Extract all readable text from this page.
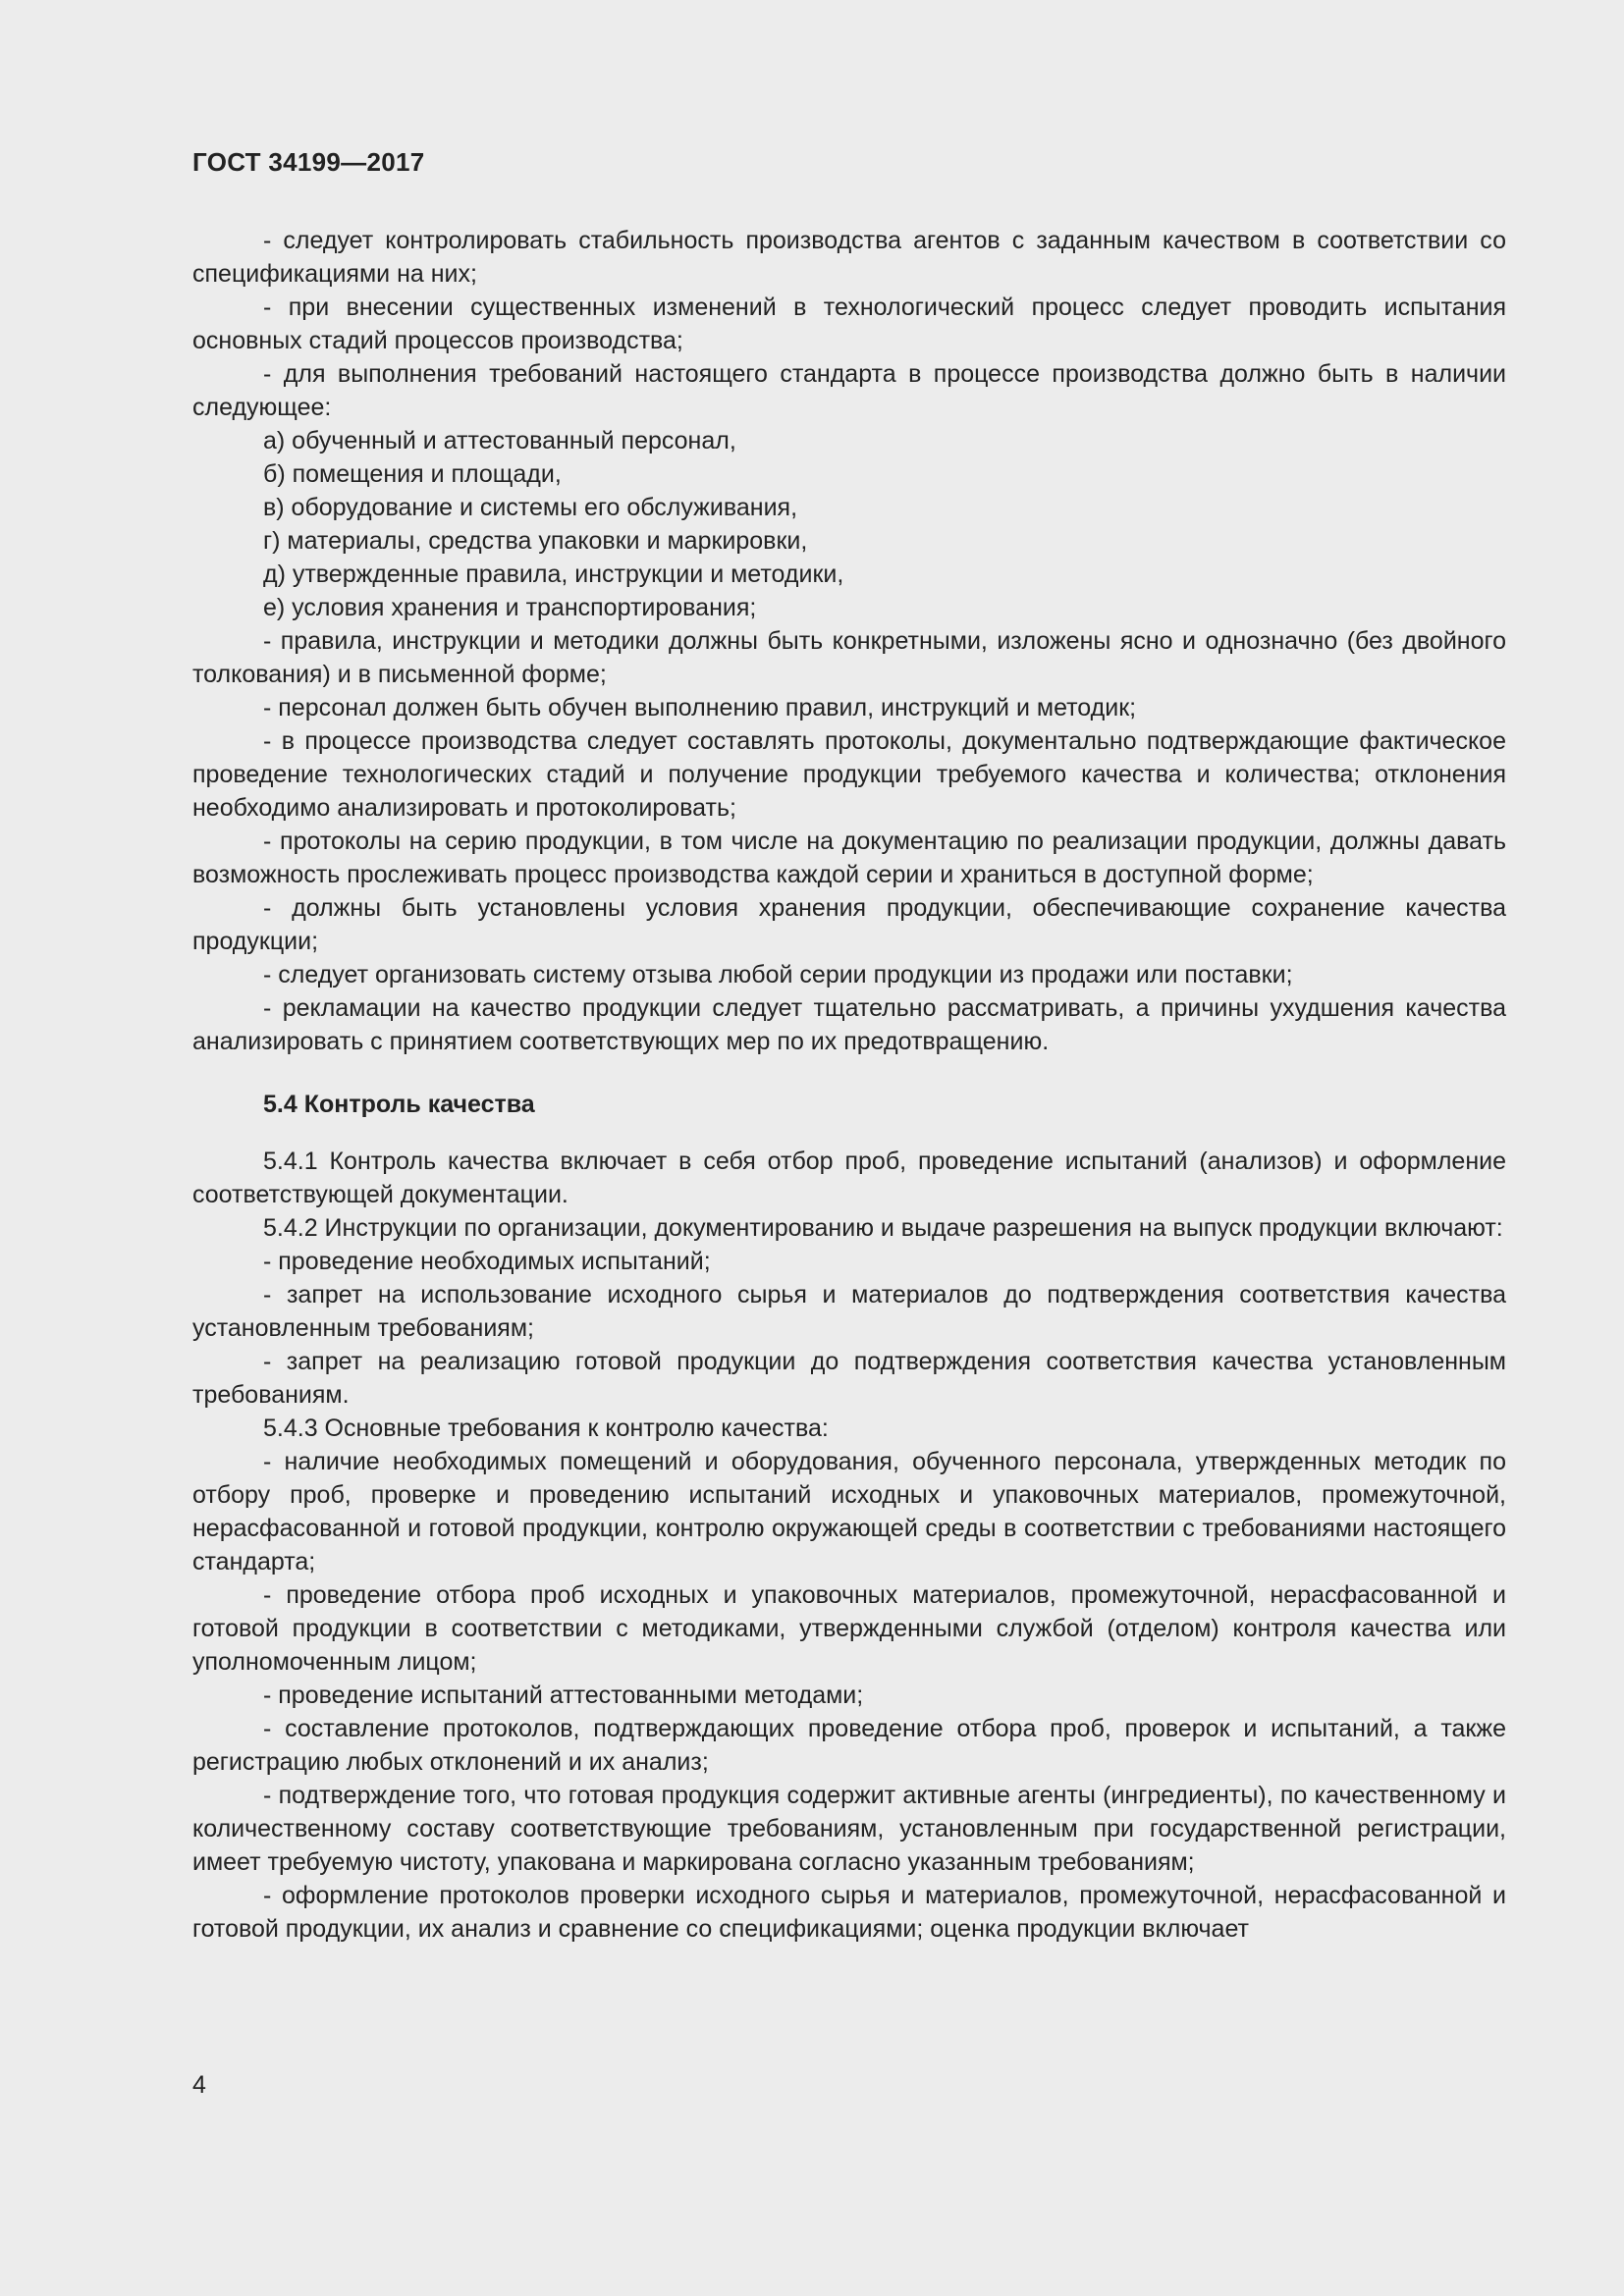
ГОСТ 34199—2017

- следует контролировать стабильность производства агентов с заданным качеством в соответствии со спецификациями на них;

- при внесении существенных изменений в технологический процесс следует проводить испытания основных стадий процессов производства;

- для выполнения требований настоящего стандарта в процессе производства должно быть в наличии следующее:

а) обученный и аттестованный персонал,

б) помещения и площади,

в) оборудование и системы его обслуживания,

г) материалы, средства упаковки и маркировки,

д) утвержденные правила, инструкции и методики,

е) условия хранения и транспортирования;

- правила, инструкции и методики должны быть конкретными, изложены ясно и однозначно (без двойного толкования) и в письменной форме;

- персонал должен быть обучен выполнению правил, инструкций и методик;

- в процессе производства следует составлять протоколы, документально подтверждающие фактическое проведение технологических стадий и получение продукции требуемого качества и количества; отклонения необходимо анализировать и протоколировать;

- протоколы на серию продукции, в том числе на документацию по реализации продукции, должны давать возможность прослеживать процесс производства каждой серии и храниться в доступной форме;

- должны быть установлены условия хранения продукции, обеспечивающие сохранение качества продукции;

- следует организовать систему отзыва любой серии продукции из продажи или поставки;

- рекламации на качество продукции следует тщательно рассматривать, а причины ухудшения качества анализировать с принятием соответствующих мер по их предотвращению.

5.4 Контроль качества

5.4.1 Контроль качества включает в себя отбор проб, проведение испытаний (анализов) и оформление соответствующей документации.

5.4.2 Инструкции по организации, документированию и выдаче разрешения на выпуск продукции включают:

- проведение необходимых испытаний;

- запрет на использование исходного сырья и материалов до подтверждения соответствия качества установленным требованиям;

- запрет на реализацию готовой продукции до подтверждения соответствия качества установленным требованиям.

5.4.3 Основные требования к контролю качества:

- наличие необходимых помещений и оборудования, обученного персонала, утвержденных методик по отбору проб, проверке и проведению испытаний исходных и упаковочных материалов, промежуточной, нерасфасованной и готовой продукции, контролю окружающей среды в соответствии с требованиями настоящего стандарта;

- проведение отбора проб исходных и упаковочных материалов, промежуточной, нерасфасованной и готовой продукции в соответствии с методиками, утвержденными службой (отделом) контроля качества или уполномоченным лицом;

- проведение испытаний аттестованными методами;

- составление протоколов, подтверждающих проведение отбора проб, проверок и испытаний, а также регистрацию любых отклонений и их анализ;

- подтверждение того, что готовая продукция содержит активные агенты (ингредиенты), по качественному и количественному составу соответствующие требованиям, установленным при государственной регистрации, имеет требуемую чистоту, упакована и маркирована согласно указанным требованиям;

- оформление протоколов проверки исходного сырья и материалов, промежуточной, нерасфасованной и готовой продукции, их анализ и сравнение со спецификациями; оценка продукции включает

4
